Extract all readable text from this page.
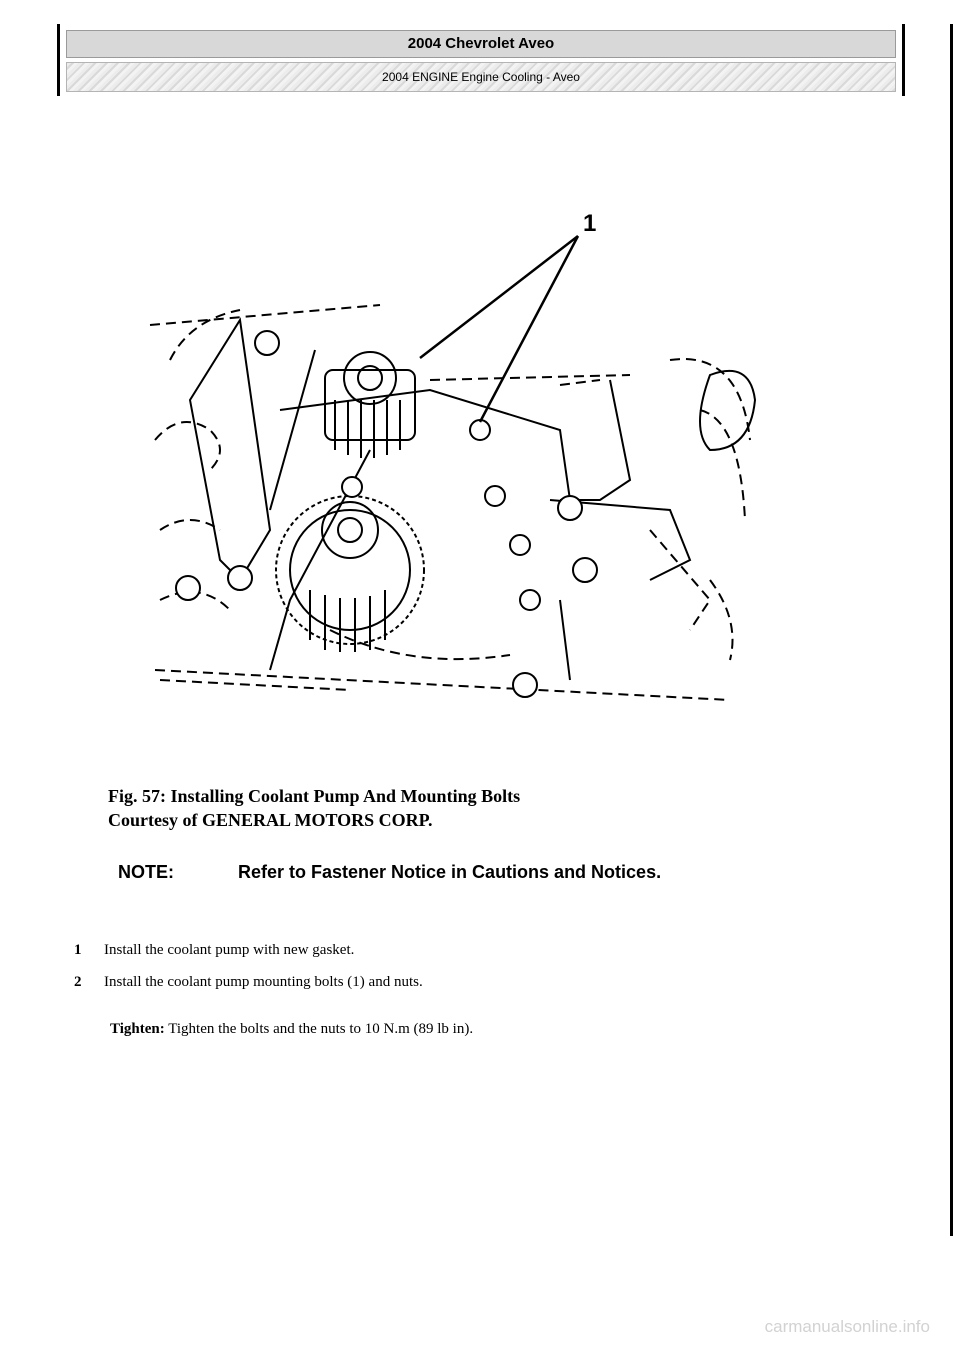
2004 Chevrolet Aveo
2004 ENGINE Engine Cooling - Aveo
1
Fig. 57: Installing Coolant Pump And Mounting Bolts
Courtesy of GENERAL MOTORS CORP.
NOTE:	Refer to Fastener Notice in Cautions and Notices.
1 Install the coolant pump with new gasket.
2 Install the coolant pump mounting bolts (1) and nuts.
Tighten: Tighten the bolts and the nuts to 10 N.m (89 lb in).
carmanualsonline.info
